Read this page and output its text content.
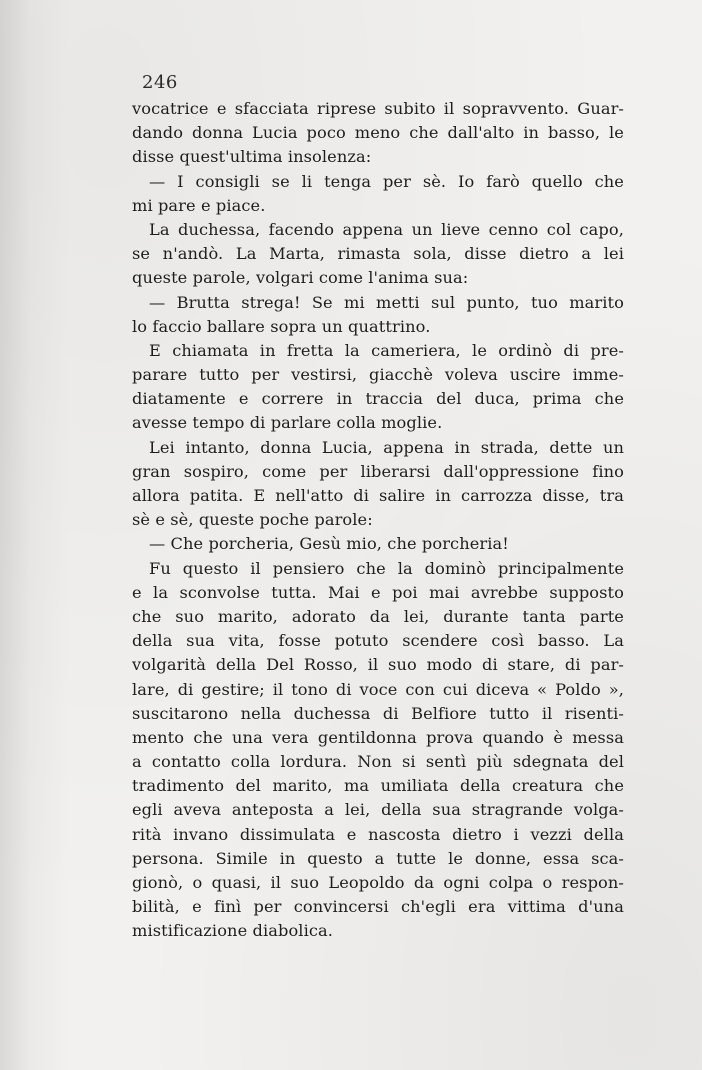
246
vocatrice e sfacciata riprese subito il sopravvento. Guar-
dando donna Lucia poco meno che dall'alto in basso, le
disse quest'ultima insolenza:
— I consigli se li tenga per sè. Io farò quello che
mi pare e piace.
La duchessa, facendo appena un lieve cenno col capo,
se n'andò. La Marta, rimasta sola, disse dietro a lei
queste parole, volgari come l'anima sua:
— Brutta strega! Se mi metti sul punto, tuo marito
lo faccio ballare sopra un quattrino.
E chiamata in fretta la cameriera, le ordinò di pre-
parare tutto per vestirsi, giacchè voleva uscire imme-
diatamente e correre in traccia del duca, prima che
avesse tempo di parlare colla moglie.
Lei intanto, donna Lucia, appena in strada, dette un
gran sospiro, come per liberarsi dall'oppressione fino
allora patita. E nell'atto di salire in carrozza disse, tra
sè e sè, queste poche parole:
— Che porcheria, Gesù mio, che porcheria!
Fu questo il pensiero che la dominò principalmente
e la sconvolse tutta. Mai e poi mai avrebbe supposto
che suo marito, adorato da lei, durante tanta parte
della sua vita, fosse potuto scendere così basso. La
volgarità della Del Rosso, il suo modo di stare, di par-
lare, di gestire; il tono di voce con cui diceva « Poldo »,
suscitarono nella duchessa di Belfiore tutto il risenti-
mento che una vera gentildonna prova quando è messa
a contatto colla lordura. Non si sentì più sdegnata del
tradimento del marito, ma umiliata della creatura che
egli aveva anteposta a lei, della sua stragrande volga-
rità invano dissimulata e nascosta dietro i vezzi della
persona. Simile in questo a tutte le donne, essa sca-
gionò, o quasi, il suo Leopoldo da ogni colpa o respon-
bilità, e finì per convincersi ch'egli era vittima d'una
mistificazione diabolica.
